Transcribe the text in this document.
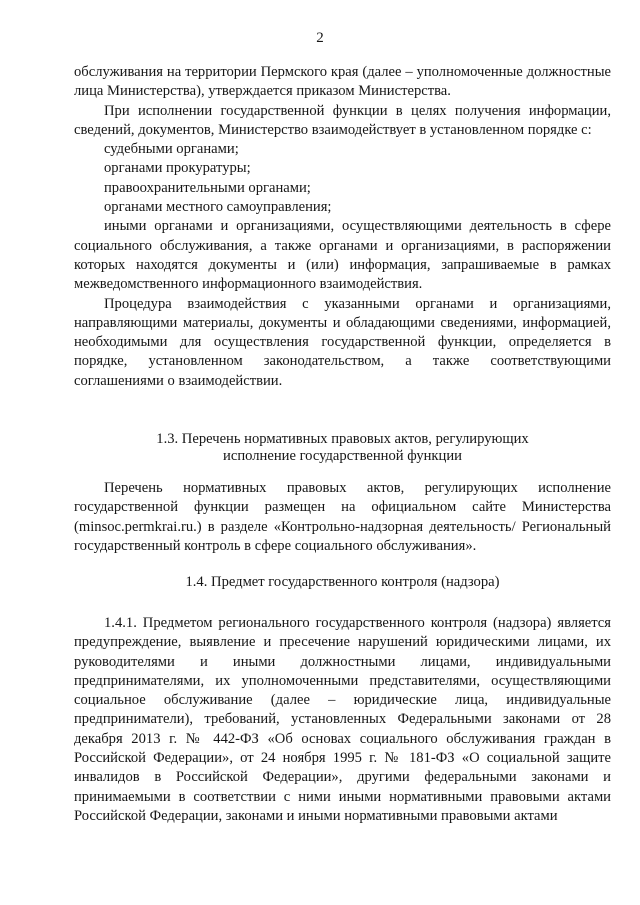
2

обслуживания на территории Пермского края (далее – уполномоченные должностные лица Министерства), утверждается приказом Министерства.

При исполнении государственной функции в целях получения информации, сведений, документов, Министерство взаимодействует в установленном порядке с:

судебными органами;

органами прокуратуры;

правоохранительными органами;

органами местного самоуправления;

иными органами и организациями, осуществляющими деятельность в сфере социального обслуживания, а также органами и организациями, в распоряжении которых находятся документы и (или) информация, запрашиваемые в рамках межведомственного информационного взаимодействия.

Процедура взаимодействия с указанными органами и организациями, направляющими материалы, документы и обладающими сведениями, информацией, необходимыми для осуществления государственной функции, определяется в порядке, установленном законодательством, а также соответствующими соглашениями о взаимодействии.

1.3. Перечень нормативных правовых актов, регулирующих
исполнение государственной функции

Перечень нормативных правовых актов, регулирующих исполнение государственной функции размещен на официальном сайте Министерства (minsoc.permkrai.ru.) в разделе «Контрольно-надзорная деятельность/ Региональный государственный контроль в сфере социального обслуживания».

1.4. Предмет государственного контроля (надзора)

1.4.1. Предметом регионального государственного контроля (надзора) является предупреждение, выявление и пресечение нарушений юридическими лицами, их руководителями и иными должностными лицами, индивидуальными предпринимателями, их уполномоченными представителями, осуществляющими социальное обслуживание (далее – юридические лица, индивидуальные предприниматели), требований, установленных Федеральными законами от 28 декабря 2013 г. № 442-ФЗ «Об основах социального обслуживания граждан в Российской Федерации», от 24 ноября 1995 г. № 181-ФЗ «О социальной защите инвалидов в Российской Федерации», другими федеральными законами и принимаемыми в соответствии с ними иными нормативными правовыми актами Российской Федерации, законами и иными нормативными правовыми актами
